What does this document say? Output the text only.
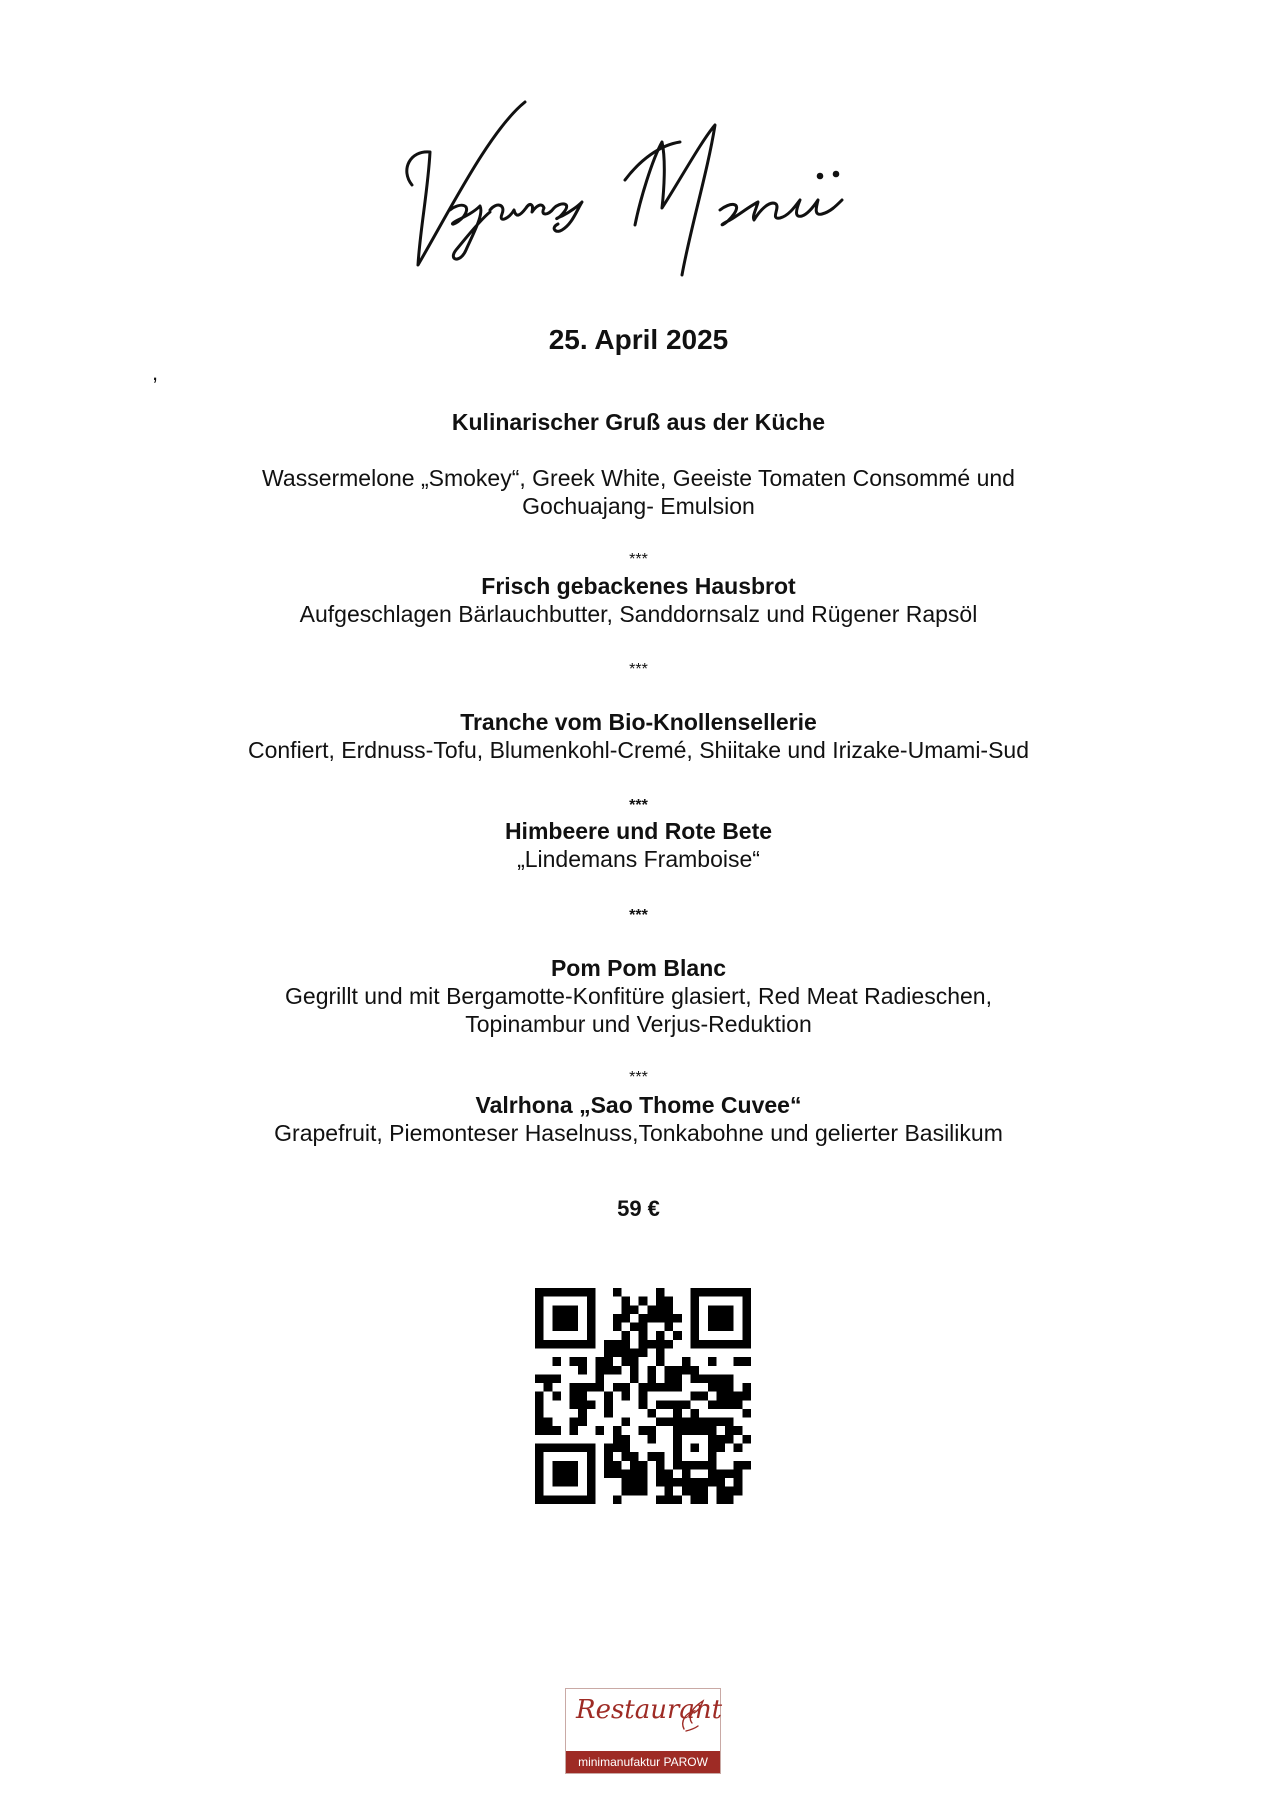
25. April 2025
,
Kulinarischer Gruß aus der Küche
Wassermelone „Smokey“, Greek White, Geeiste Tomaten Consommé und
Gochuajang- Emulsion
***
Frisch gebackenes Hausbrot
Aufgeschlagen Bärlauchbutter, Sanddornsalz und Rügener Rapsöl
***
Tranche vom Bio-Knollensellerie
Confiert, Erdnuss-Tofu, Blumenkohl-Cremé, Shiitake und Irizake-Umami-Sud
***
Himbeere und Rote Bete
„Lindemans Framboise“
***
Pom Pom Blanc
Gegrillt und mit Bergamotte-Konfitüre glasiert, Red Meat Radieschen,
Topinambur und Verjus-Reduktion
***
Valrhona „Sao Thome Cuvee“
Grapefruit, Piemonteser Haselnuss,Tonkabohne und gelierter Basilikum
59 €
Restaurant
minimanufaktur PAROW
